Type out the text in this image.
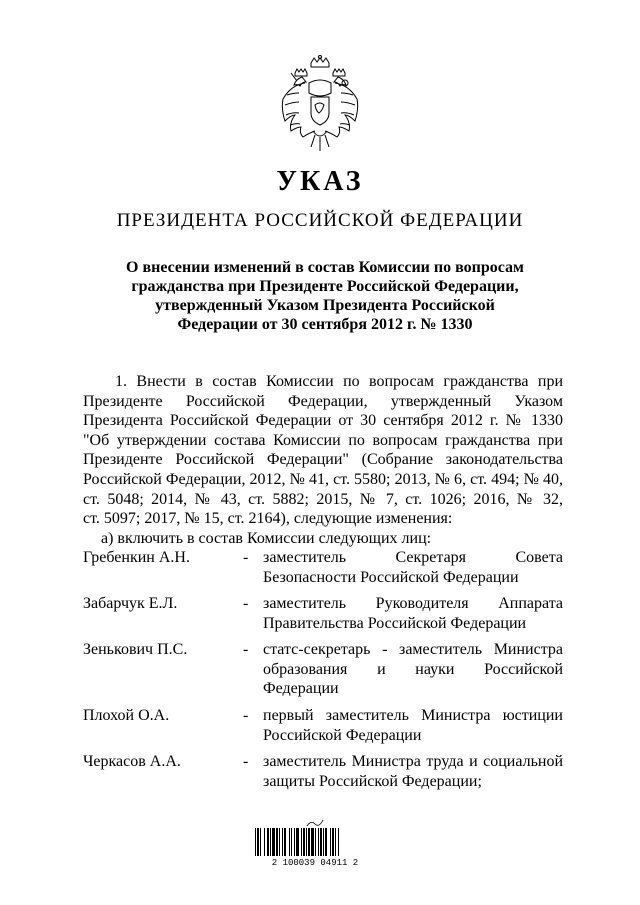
УКАЗ
ПРЕЗИДЕНТА РОССИЙСКОЙ ФЕДЕРАЦИИ
О внесении изменений в состав Комиссии по вопросам
гражданства при Президенте Российской Федерации,
утвержденный Указом Президента Российской
Федерации от 30 сентября 2012 г. № 1330
1. Внести в состав Комиссии по вопросам гражданства при
Президенте Российской Федерации, утвержденный Указом
Президента Российской Федерации от 30 сентября 2012 г. № 1330
"Об утверждении состава Комиссии по вопросам гражданства при
Президенте Российской Федерации" (Собрание законодательства
Российской Федерации, 2012, № 41, ст. 5580; 2013, № 6, ст. 494; № 40,
ст. 5048; 2014, № 43, ст. 5882; 2015, № 7, ст. 1026; 2016, № 32,
ст. 5097; 2017, № 15, ст. 2164), следующие изменения:
а) включить в состав Комиссии следующих лиц:
Гребенкин А.Н.	- заместитель Секретаря Совета
Безопасности Российской Федерации
Забарчук Е.Л.	- заместитель Руководителя Аппарата
Правительства Российской Федерации
Зенькович П.С.	- статс-секретарь - заместитель Министра
образования и науки Российской
Федерации
Плохой О.А.	- первый заместитель Министра юстиции
Российской Федерации
Черкасов А.А.	- заместитель Министра труда и социальной
защиты Российской Федерации;
2 100039 04911 2
